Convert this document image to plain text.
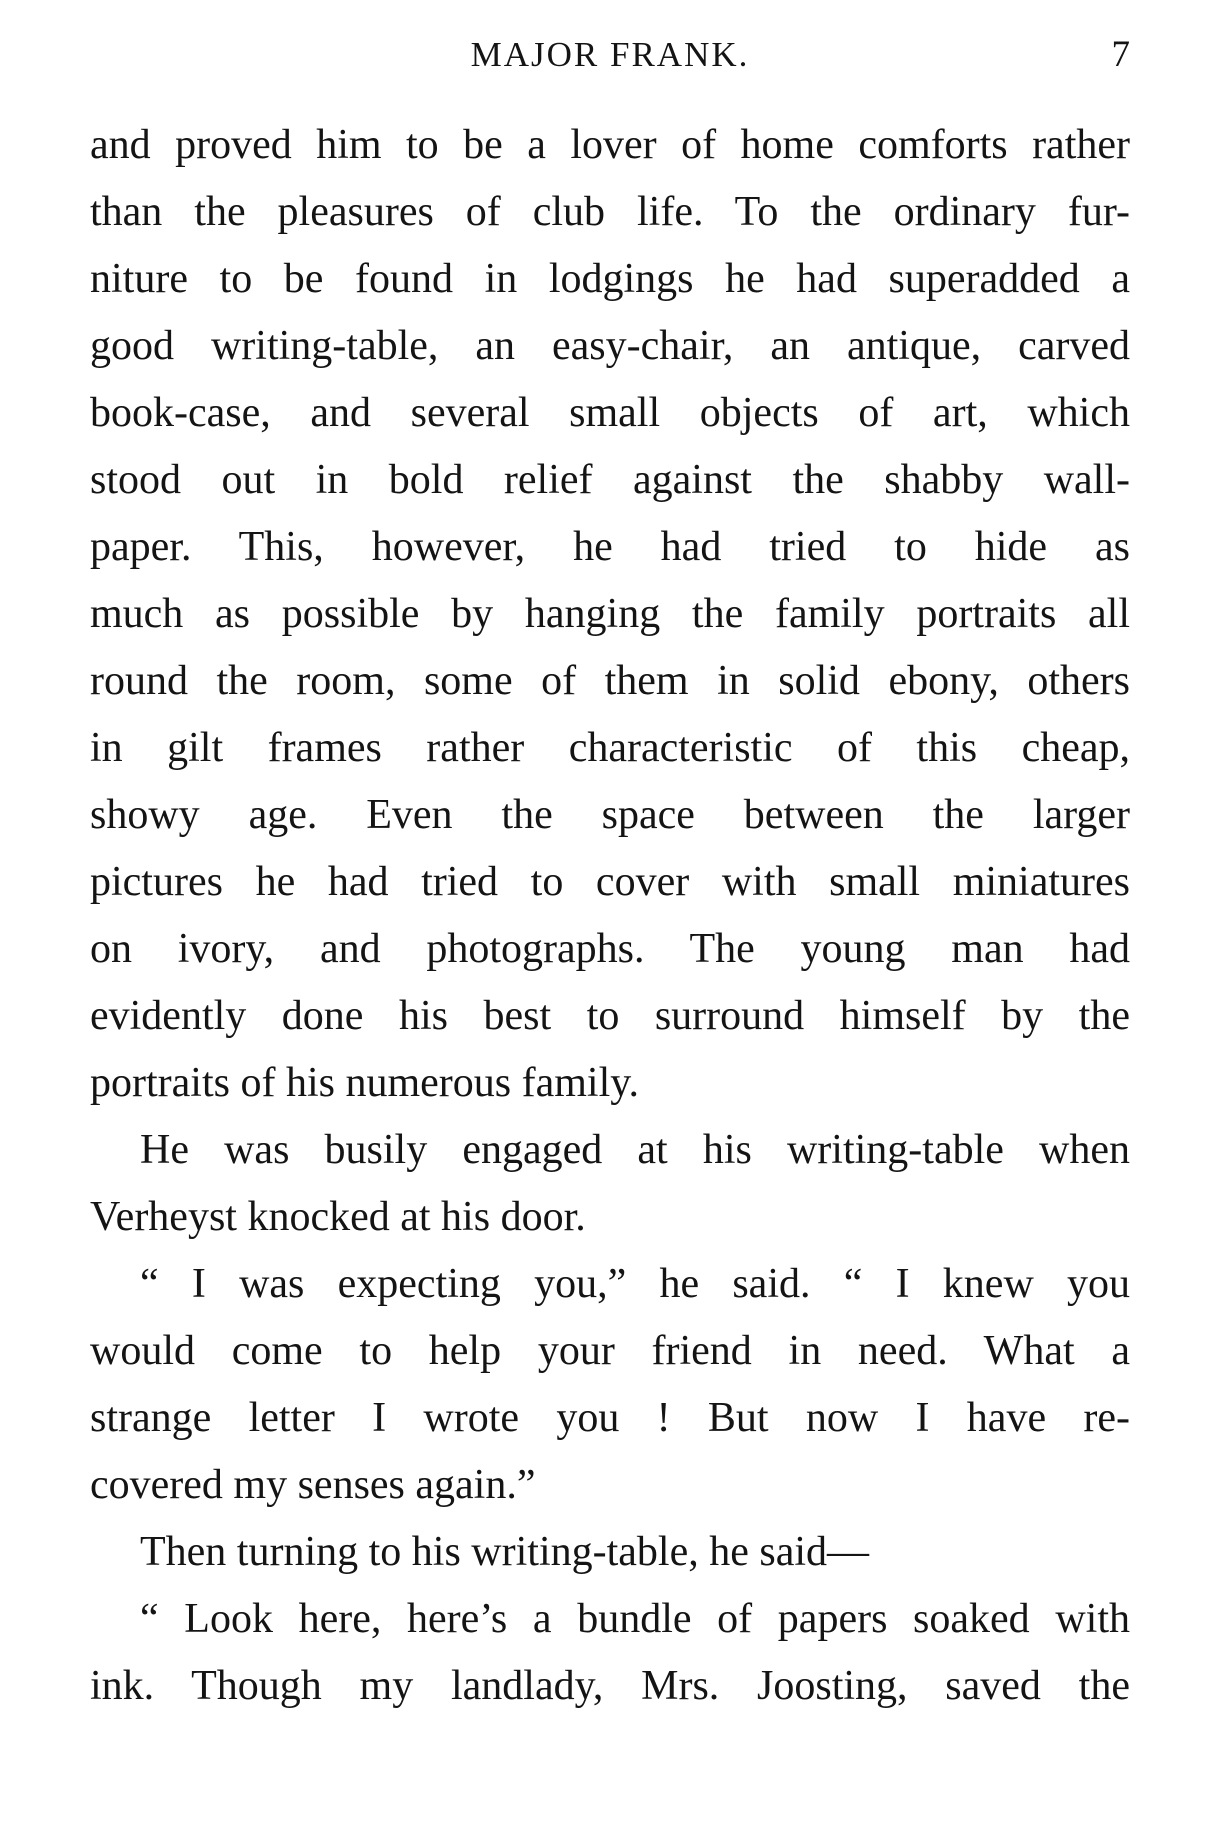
MAJOR FRANK.	7
and proved him to be a lover of home comforts rather
than the pleasures of club life. To the ordinary fur-
niture to be found in lodgings he had superadded a
good writing-table, an easy-chair, an antique, carved
book-case, and several small objects of art, which
stood out in bold relief against the shabby wall-
paper. This, however, he had tried to hide as
much as possible by hanging the family portraits all
round the room, some of them in solid ebony, others
in gilt frames rather characteristic of this cheap,
showy age. Even the space between the larger
pictures he had tried to cover with small miniatures
on ivory, and photographs. The young man had
evidently done his best to surround himself by the
portraits of his numerous family.
He was busily engaged at his writing-table when
Verheyst knocked at his door.
“ I was expecting you,” he said. “ I knew you
would come to help your friend in need. What a
strange letter I wrote you ! But now I have re-
covered my senses again.”
Then turning to his writing-table, he said—
“ Look here, here’s a bundle of papers soaked with
ink. Though my landlady, Mrs. Joosting, saved the
